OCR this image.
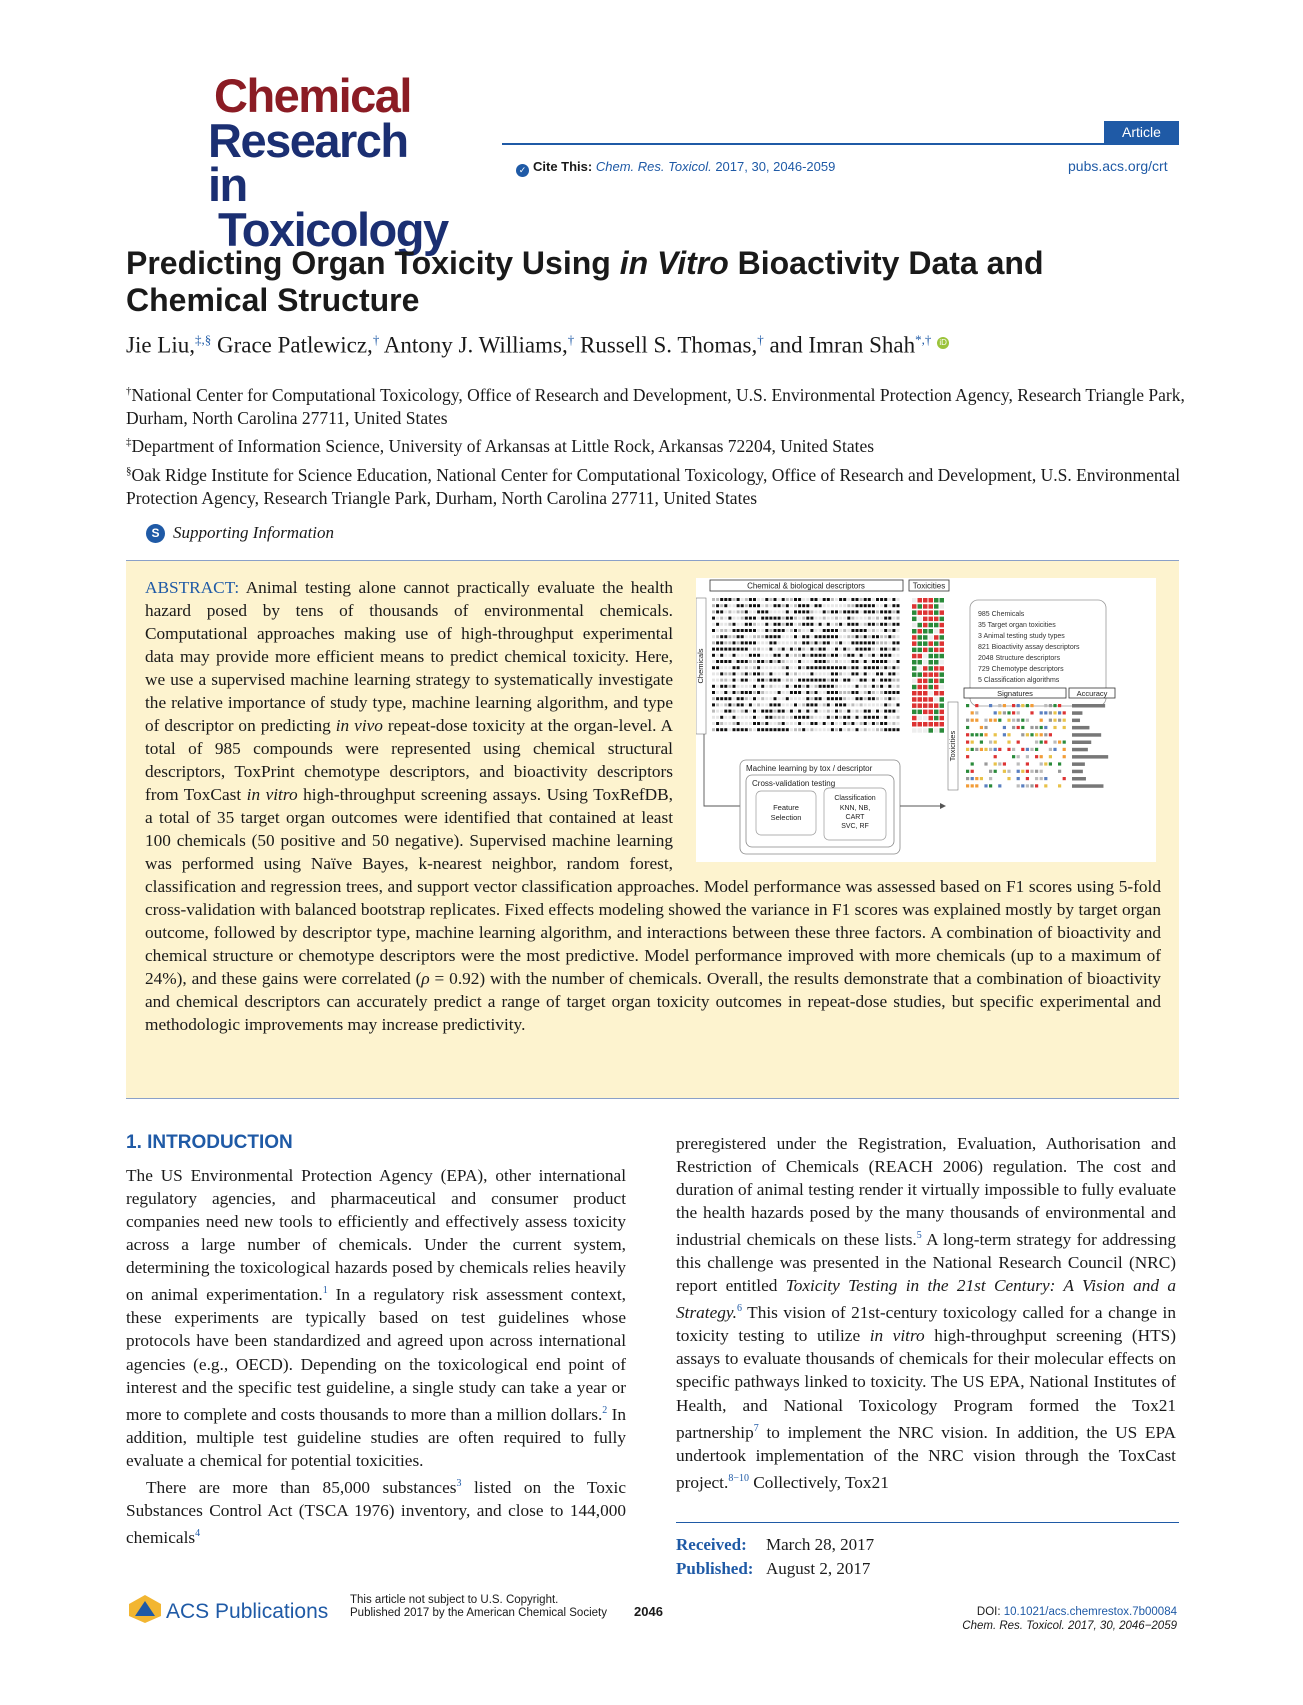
Chemical
Research in
Toxicology
Article
✓ Cite This: Chem. Res. Toxicol. 2017, 30, 2046-2059	pubs.acs.org/crt
Predicting Organ Toxicity Using in Vitro Bioactivity Data and Chemical Structure
Jie Liu,‡,§ Grace Patlewicz,† Antony J. Williams,† Russell S. Thomas,† and Imran Shah*,† iD
†National Center for Computational Toxicology, Office of Research and Development, U.S. Environmental Protection Agency, Research Triangle Park, Durham, North Carolina 27711, United States
‡Department of Information Science, University of Arkansas at Little Rock, Arkansas 72204, United States
§Oak Ridge Institute for Science Education, National Center for Computational Toxicology, Office of Research and Development, U.S. Environmental Protection Agency, Research Triangle Park, Durham, North Carolina 27711, United States
S Supporting Information
ABSTRACT: Animal testing alone cannot practically evaluate the health hazard posed by tens of thousands of environmental chemicals. Computational approaches making use of high-throughput experimental data may provide more efficient means to predict chemical toxicity. Here, we use a supervised machine learning strategy to systematically investigate the relative importance of study type, machine learning algorithm, and type of descriptor on predicting in vivo repeat-dose toxicity at the organ-level. A total of 985 compounds were represented using chemical structural descriptors, ToxPrint chemotype descriptors, and bioactivity descriptors from ToxCast in vitro high-throughput screening assays. Using ToxRefDB, a total of 35 target organ outcomes were identified that contained at least 100 chemicals (50 positive and 50 negative). Supervised machine learning was performed using Naïve Bayes, k-nearest neighbor, random forest, classification and regression trees, and support vector classification approaches. Model performance was assessed based on F1 scores using 5-fold cross-validation with balanced bootstrap replicates. Fixed effects modeling showed the variance in F1 scores was explained mostly by target organ outcome, followed by descriptor type, machine learning algorithm, and interactions between these three factors. A combination of bioactivity and chemical structure or chemotype descriptors were the most predictive. Model performance improved with more chemicals (up to a maximum of 24%), and these gains were correlated (ρ = 0.92) with the number of chemicals. Overall, the results demonstrate that a combination of bioactivity and chemical descriptors can accurately predict a range of target organ toxicity outcomes in repeat-dose studies, but specific experimental and methodologic improvements may increase predictivity.
Chemical & biological descriptors	Toxicities
Chemicals
985 Chemicals
35 Target organ toxicities
3 Animal testing study types
821 Bioactivity assay descriptors
2048 Structure descriptors
729 Chemotype descriptors
5 Classification algorithms
Machine learning by tox / descriptor
Cross-validation testing
Feature
Selection
Classification
KNN, NB,
CART
SVC, RF
Signatures	Accuracy
Toxicities
1. INTRODUCTION

The US Environmental Protection Agency (EPA), other international regulatory agencies, and pharmaceutical and consumer product companies need new tools to efficiently and effectively assess toxicity across a large number of chemicals. Under the current system, determining the toxicological hazards posed by chemicals relies heavily on animal experimentation.$^1$ In a regulatory risk assessment context, these experiments are typically based on test guidelines whose protocols have been standardized and agreed upon across international agencies (e.g., OECD). Depending on the toxicological end point of interest and the specific test guideline, a single study can take a year or more to complete and costs thousands to more than a million dollars.$^2$ In addition, multiple test guideline studies are often required to fully evaluate a chemical for potential toxicities.

There are more than 85,000 substances$^3$ listed on the Toxic Substances Control Act (TSCA 1976) inventory, and close to 144,000 chemicals$^4$

preregistered under the Registration, Evaluation, Authorisation and Restriction of Chemicals (REACH 2006) regulation. The cost and duration of animal testing render it virtually impossible to fully evaluate the health hazards posed by the many thousands of environmental and industrial chemicals on these lists.$^5$ A long-term strategy for addressing this challenge was presented in the National Research Council (NRC) report entitled Toxicity Testing in the 21st Century: A Vision and a Strategy.$^6$ This vision of 21st-century toxicology called for a change in toxicity testing to utilize in vitro high-throughput screening (HTS) assays to evaluate thousands of chemicals for their molecular effects on specific pathways linked to toxicity. The US EPA, National Institutes of Health, and National Toxicology Program formed the Tox21 partnership$^7$ to implement the NRC vision. In addition, the US EPA undertook implementation of the NRC vision through the ToxCast project.$^{8-10}$ Collectively, Tox21

Received: March 28, 2017
Published: August 2, 2017
ACS Publications This article not subject to U.S. Copyright. Published 2017 by the American Chemical Society 2046	DOI: 10.1021/acs.chemrestox.7b00084
Chem. Res. Toxicol. 2017, 30, 2046−2059
